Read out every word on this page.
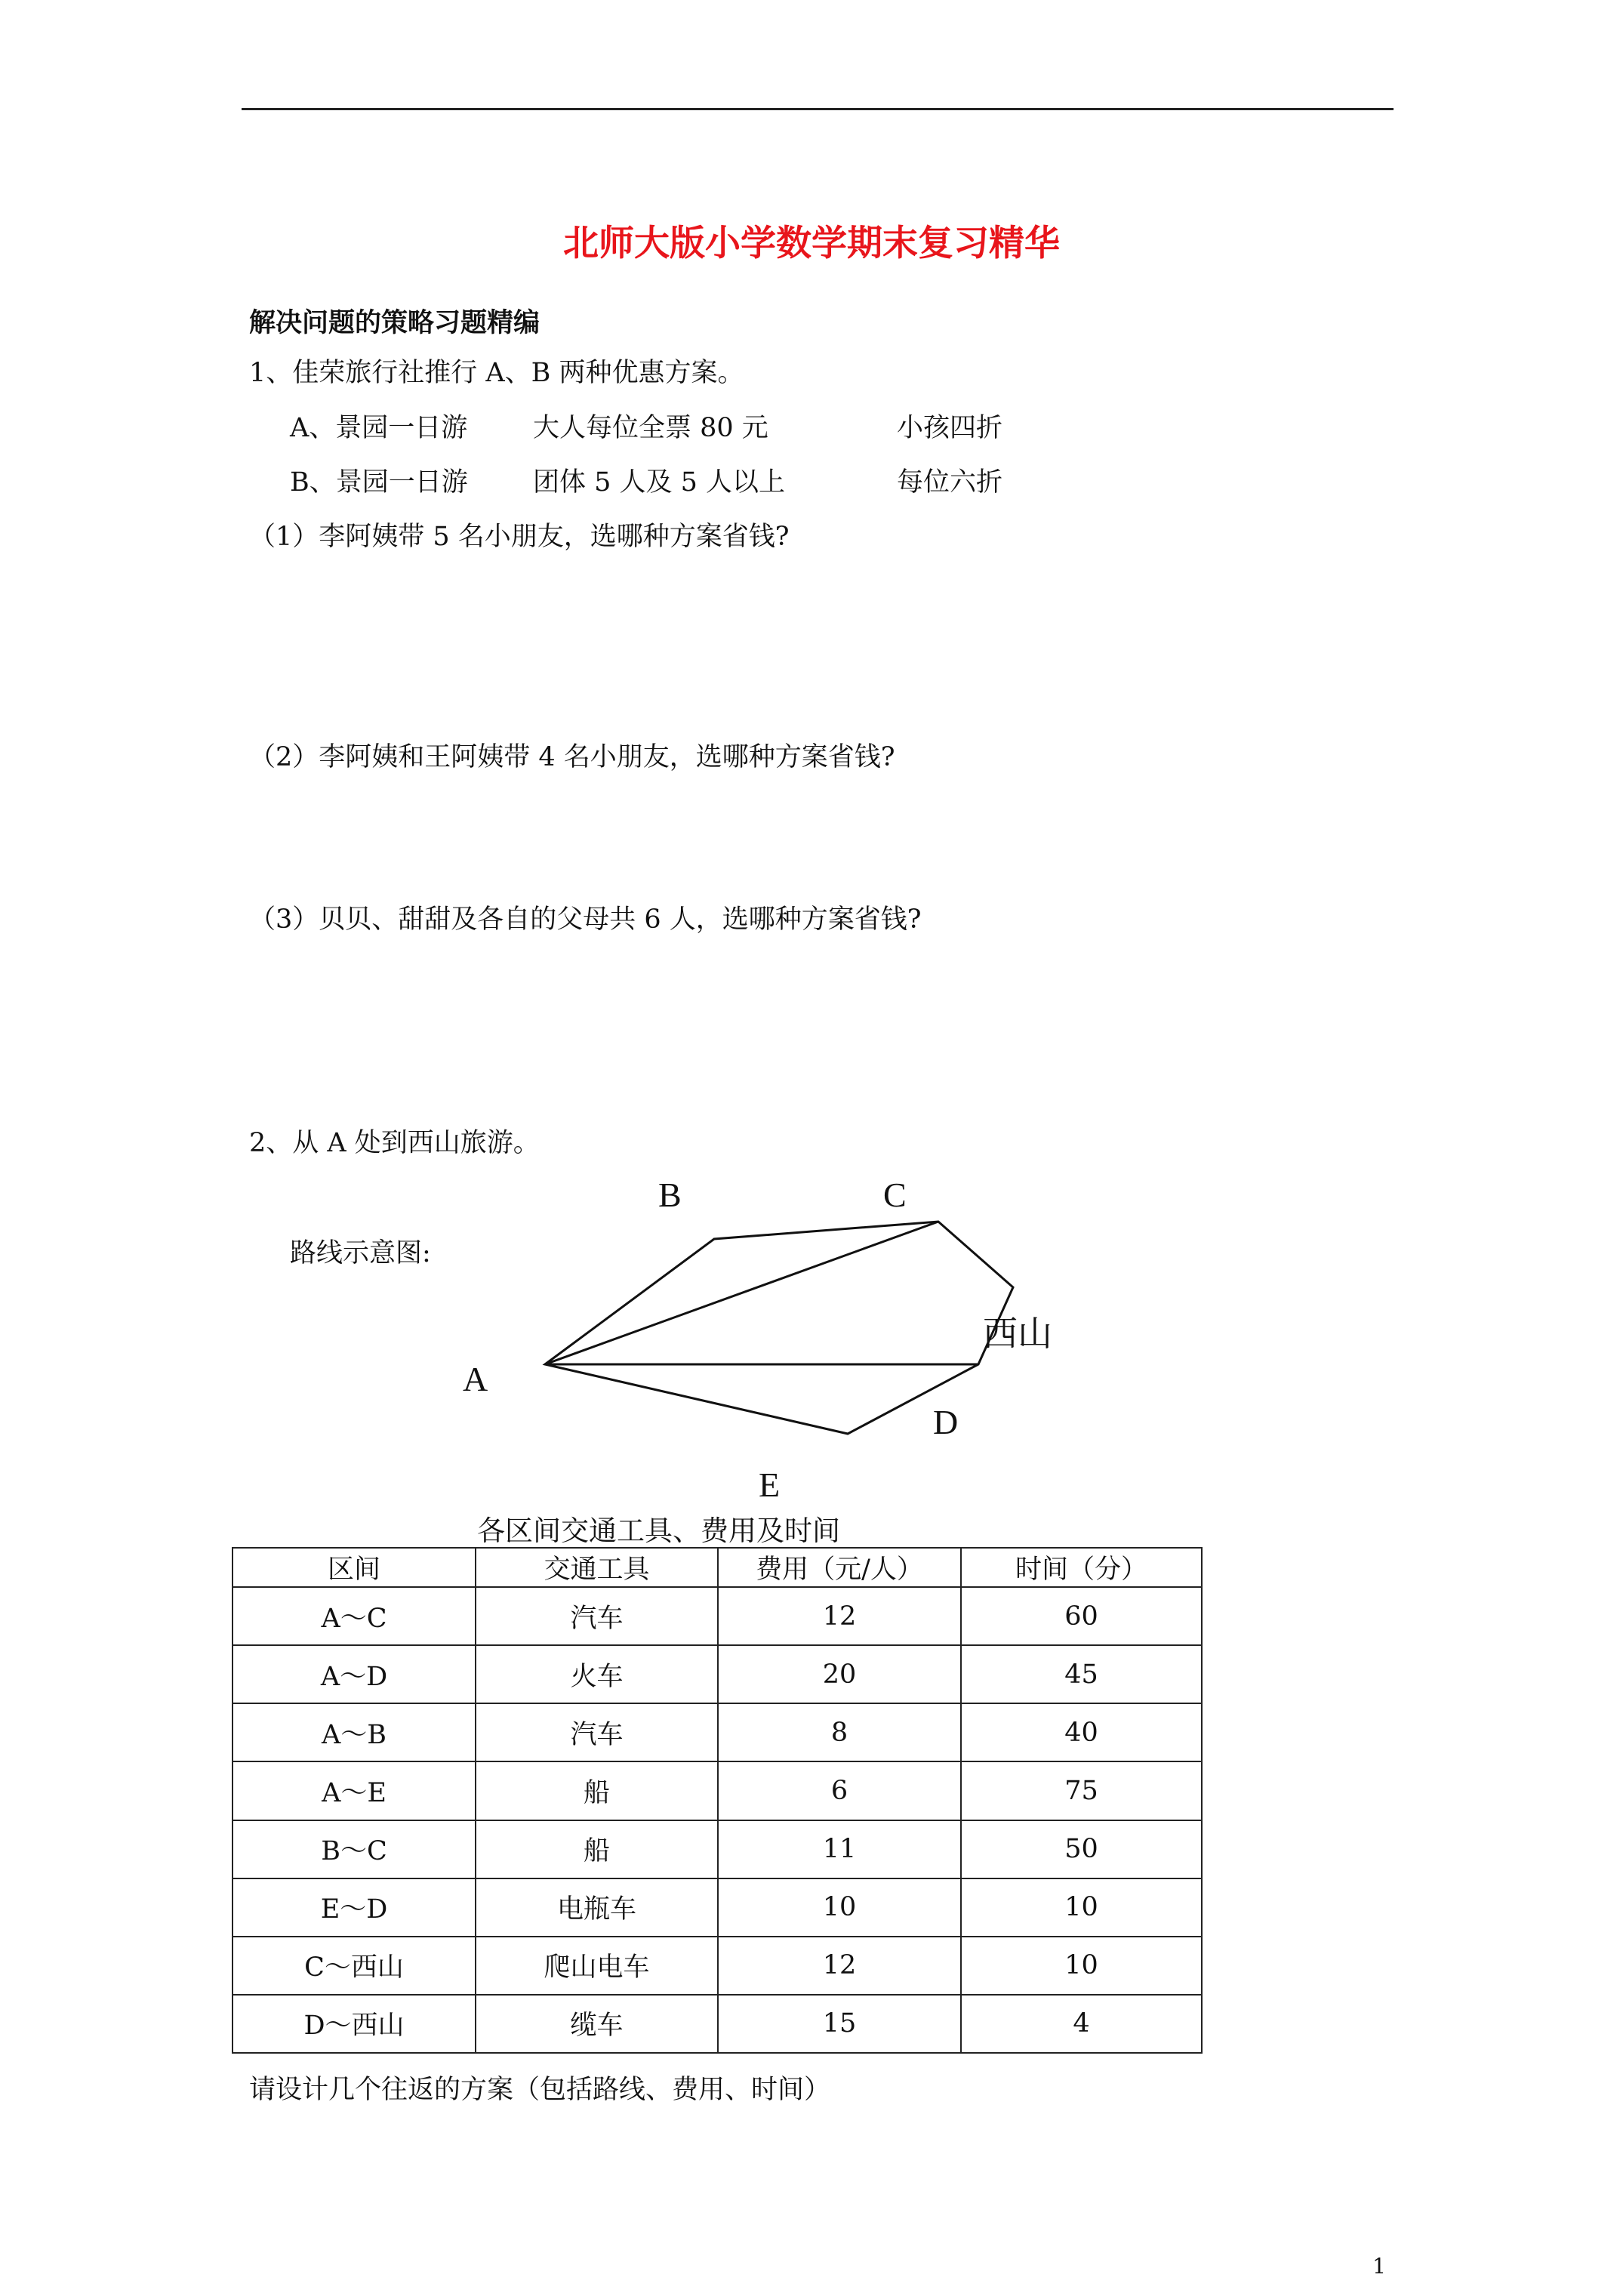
北师大版小学数学期末复习精华
解决问题的策略习题精编
1、佳荣旅行社推行 A、B 两种优惠方案。
A、景园一日游 大人每位全票 80 元	小孩四折
B、景园一日游 团体 5 人及 5 人以上	每位六折
（1）李阿姨带 5 名小朋友，选哪种方案省钱?
（2）李阿姨和王阿姨带 4 名小朋友，选哪种方案省钱?
（3）贝贝、甜甜及各自的父母共 6 人，选哪种方案省钱?
2、从 A 处到西山旅游。
路线示意图:
B	C
西山
A
D
E
各区间交通工具、费用及时间
区间	交通工具	费用（元/人）	时间（分）
A～C	汽车	12	60
A～D	火车	20	45
A～B	汽车	8	40
A～E	船	6	75
B～C	船	11	50
E～D	电瓶车	10	10
C～西山	爬山电车	12	10
D～西山	缆车	15	4
请设计几个往返的方案（包括路线、费用、时间）
1
